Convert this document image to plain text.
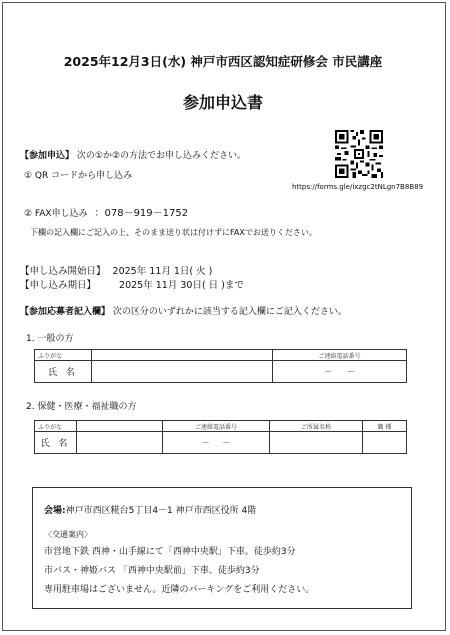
2025年12月3日(水) 神戸市西区認知症研修会 市民講座
参加申込書
【参加申込】 次の①か②の方法でお申し込みください。
① QR コードから申し込み
https://forms.gle/ixzgc2tNLgn7B8B89
② FAX申し込み ：078－919－1752
下欄の記入欄にご記入の上、そのまま送り状は付けずにFAXでお送りください。
【申し込み開始日】 2025年 11月 1日( 火 )
【申し込み期日】 2025年 11月 30日( 日 )まで
【参加応募者記入欄】 次の区分のいずれかに該当する記入欄にご記入ください。
1. 一般の方
ふりがな		ご連絡電話番号
氏 名		－ －
2. 保健・医療・福祉職の方
ふりがな		ご連絡電話番号	ご所属名称	職 種
氏 名		－ －		
会場:神戸市西区糀台5丁目4－1 神戸市西区役所 4階
〈交通案内〉
市営地下鉄 西神・山手線にて「西神中央駅」下車。徒歩約3分
市バス・神姫バス 「西神中央駅前」下車、徒歩約3分
専用駐車場はございません。近隣のパーキングをご利用ください。
